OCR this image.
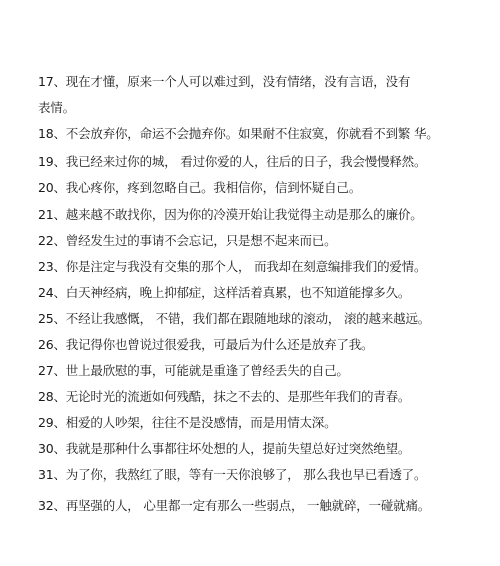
17、现在才懂，原来一个人可以难过到，没有情绪，没有言语，没有
表情。
18、不会放弃你，命运不会抛弃你。如果耐不住寂寞，你就看不到繁 华。
19、我已经来过你的城， 看过你爱的人，往后的日子，我会慢慢释然。
20、我心疼你，疼到忽略自己。我相信你，信到怀疑自己。
21、越来越不敢找你，因为你的冷漠开始让我觉得主动是那么的廉价。
22、曾经发生过的事请不会忘记，只是想不起来而已。
23、你是注定与我没有交集的那个人， 而我却在刻意编排我们的爱情。
24、白天神经病，晚上抑郁症，这样活着真累，也不知道能撑多久。
25、不经让我感慨， 不错，我们都在跟随地球的滚动， 滚的越来越远。
26、我记得你也曾说过很爱我，可最后为什么还是放弃了我。
27、世上最欣慰的事，可能就是重逢了曾经丢失的自己。
28、无论时光的流逝如何残酷，抹之不去的、是那些年我们的青春。
29、相爱的人吵架，往往不是没感情，而是用情太深。
30、我就是那种什么事都往坏处想的人，提前失望总好过突然绝望。
31、为了你，我熬红了眼，等有一天你浪够了， 那么我也早已看透了。
32、再坚强的人， 心里都一定有那么一些弱点， 一触就碎，一碰就痛。
